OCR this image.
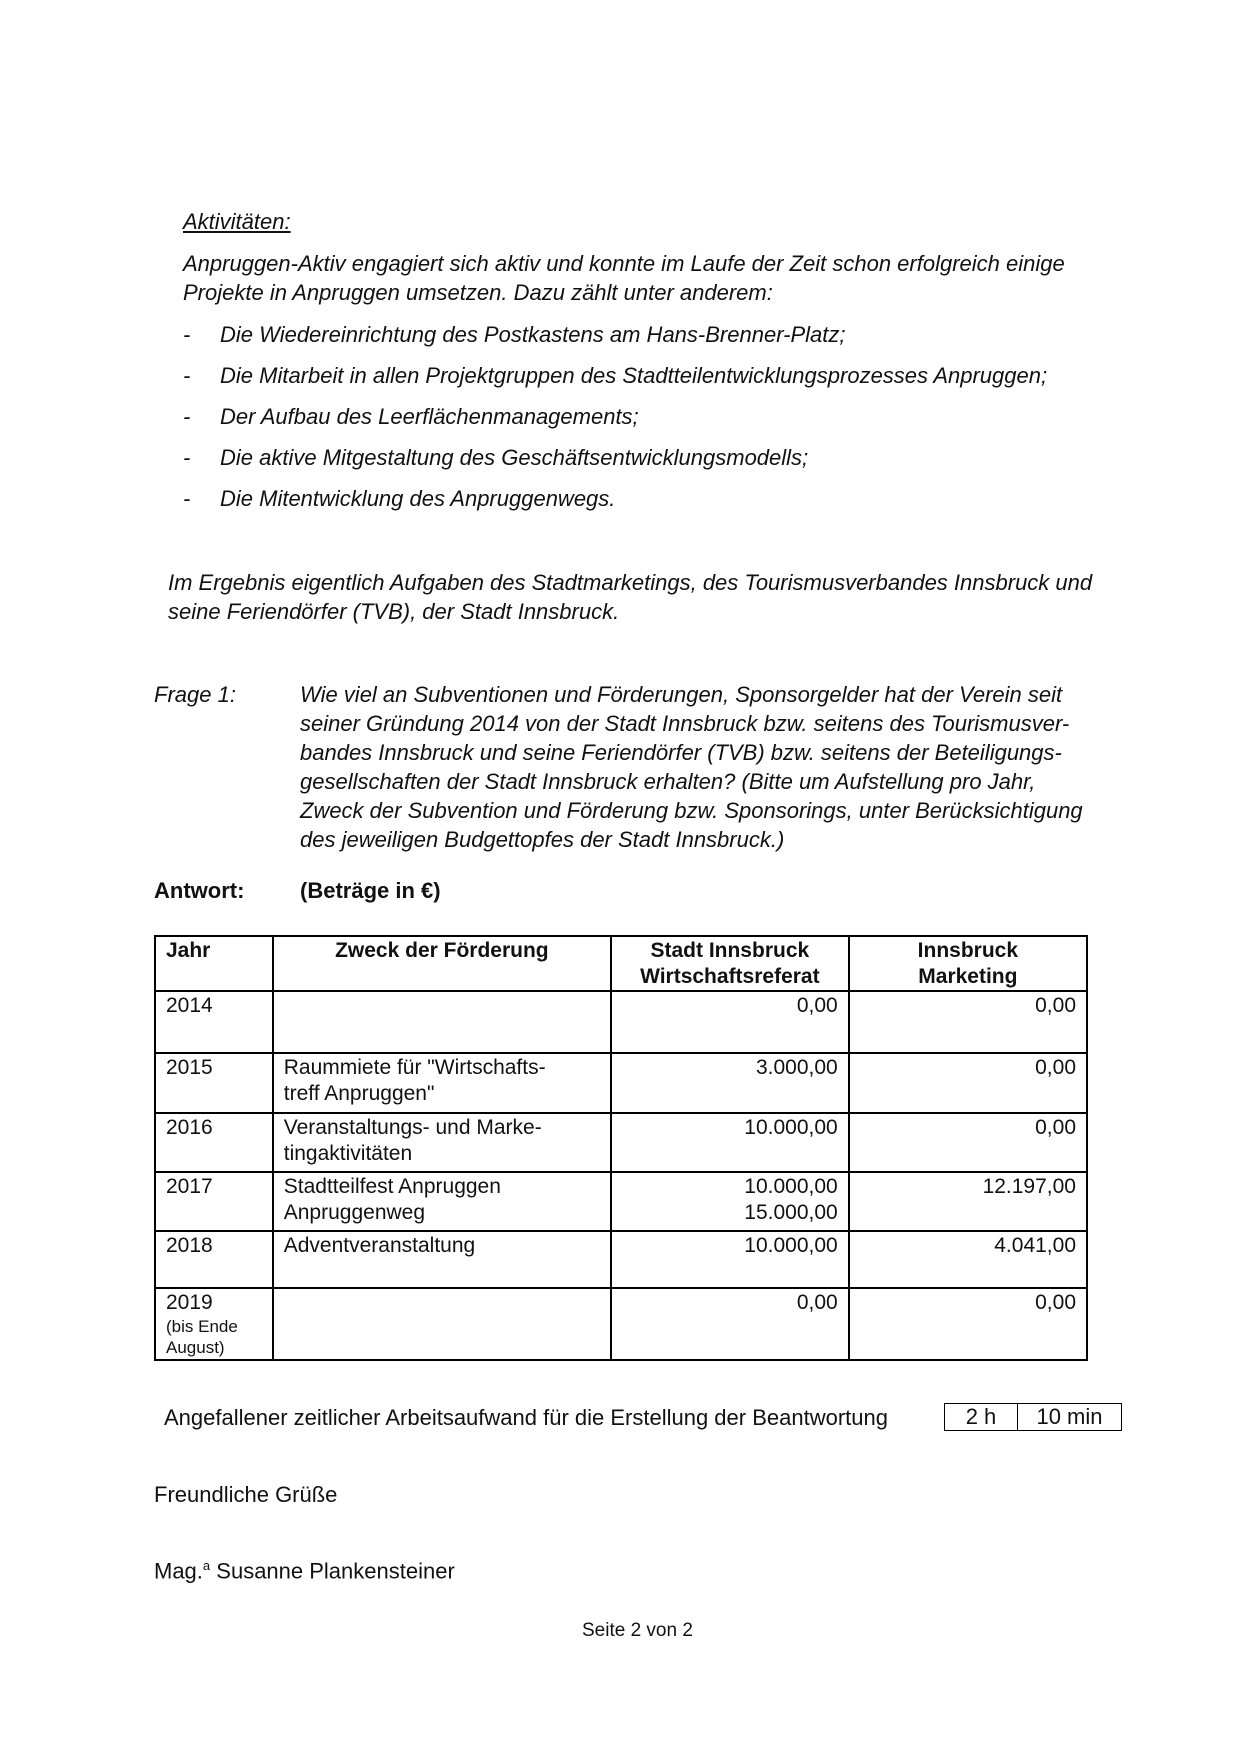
Aktivitäten:
Anpruggen-Aktiv engagiert sich aktiv und konnte im Laufe der Zeit schon erfolgreich einige
Projekte in Anpruggen umsetzen. Dazu zählt unter anderem:
- Die Wiedereinrichtung des Postkastens am Hans-Brenner-Platz;
- Die Mitarbeit in allen Projektgruppen des Stadtteilentwicklungsprozesses Anpruggen;
- Der Aufbau des Leerflächenmanagements;
- Die aktive Mitgestaltung des Geschäftsentwicklungsmodells;
- Die Mitentwicklung des Anpruggenwegs.
Im Ergebnis eigentlich Aufgaben des Stadtmarketings, des Tourismusverbandes Innsbruck und
seine Feriendörfer (TVB), der Stadt Innsbruck.
Frage 1:	Wie viel an Subventionen und Förderungen, Sponsorgelder hat der Verein seit
seiner Gründung 2014 von der Stadt Innsbruck bzw. seitens des Tourismusver-
bandes Innsbruck und seine Feriendörfer (TVB) bzw. seitens der Beteiligungs-
gesellschaften der Stadt Innsbruck erhalten? (Bitte um Aufstellung pro Jahr,
Zweck der Subvention und Förderung bzw. Sponsorings, unter Berücksichtigung
des jeweiligen Budgettopfes der Stadt Innsbruck.)
Antwort:	(Beträge in €)
Jahr	Zweck der Förderung	Stadt Innsbruck
Wirtschaftsreferat	Innsbruck
Marketing
2014		0,00	0,00
2015	Raummiete für "Wirtschafts-
treff Anpruggen"	3.000,00	0,00
2016	Veranstaltungs- und Marke-
tingaktivitäten	10.000,00	0,00
2017	Stadtteilfest Anpruggen
Anpruggenweg	10.000,00
15.000,00	12.197,00
2018	Adventveranstaltung	10.000,00	4.041,00
2019
(bis Ende
August)		0,00	0,00
Angefallener zeitlicher Arbeitsaufwand für die Erstellung der Beantwortung	2 h	10 min
Freundliche Grüße
Mag.$^a$ Susanne Plankensteiner
Seite 2 von 2
